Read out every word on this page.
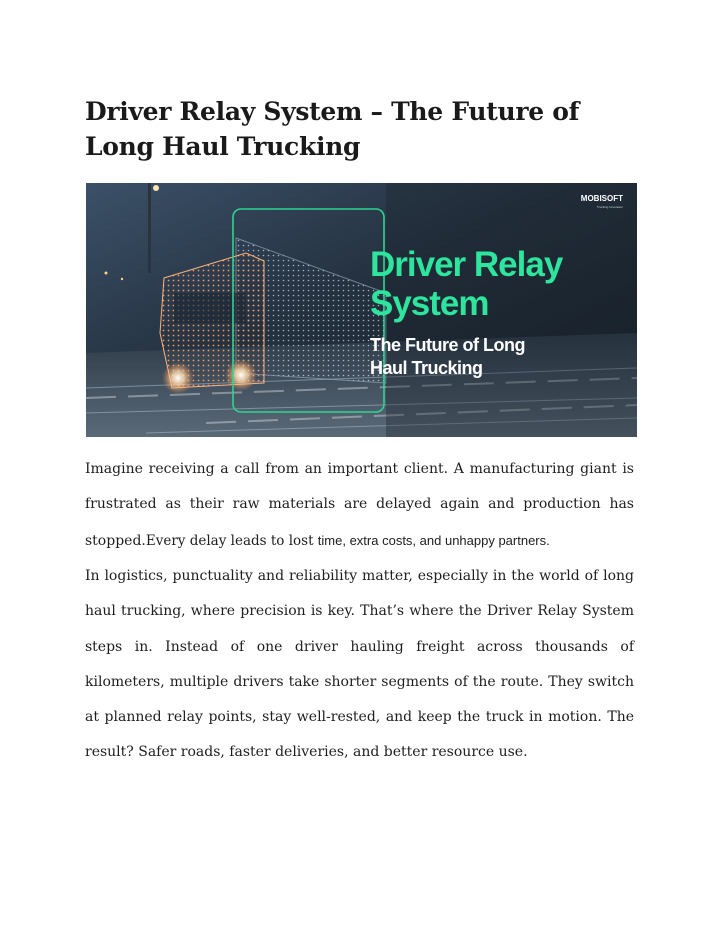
Driver Relay System – The Future of Long Haul Trucking
MOBISOFT
Trucking Innovation
Driver Relay
System
The Future of Long
Haul Trucking

Imagine receiving a call from an important client. A manufacturing giant is frustrated as their raw materials are delayed again and production has stopped.Every delay leads to lost time, extra costs, and unhappy partners.

In logistics, punctuality and reliability matter, especially in the world of long haul trucking, where precision is key. That’s where the Driver Relay System steps in. Instead of one driver hauling freight across thousands of kilometers, multiple drivers take shorter segments of the route. They switch at planned relay points, stay well-rested, and keep the truck in motion. The result? Safer roads, faster deliveries, and better resource use.
